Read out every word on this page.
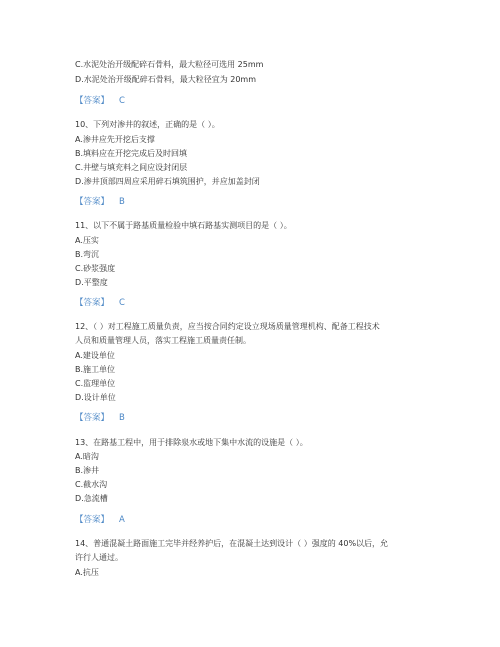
C.水泥处治开级配碎石骨料，最大粒径可选用 25mm
D.水泥处治开级配碎石骨料，最大粒径宜为 20mm
【答案】 C
10、下列对渗井的叙述，正确的是（ ）。
A.渗井应先开挖后支撑
B.填料应在开挖完成后及时回填
C.井壁与填充料之间应设封闭层
D.渗井顶部四周应采用碎石填筑围护，并应加盖封闭
【答案】 B
11、以下不属于路基质量检验中填石路基实测项目的是（ ）。
A.压实
B.弯沉
C.砂浆强度
D.平整度
【答案】 C
12、（ ）对工程施工质量负责，应当按合同约定设立现场质量管理机构、配备工程技术
人员和质量管理人员，落实工程施工质量责任制。
A.建设单位
B.施工单位
C.监理单位
D.设计单位
【答案】 B
13、在路基工程中，用于排除泉水或地下集中水流的设施是（ ）。
A.暗沟
B.渗井
C.截水沟
D.急流槽
【答案】 A
14、普通混凝土路面施工完毕并经养护后，在混凝土达到设计（ ）强度的 40%以后，允
许行人通过。
A.抗压
